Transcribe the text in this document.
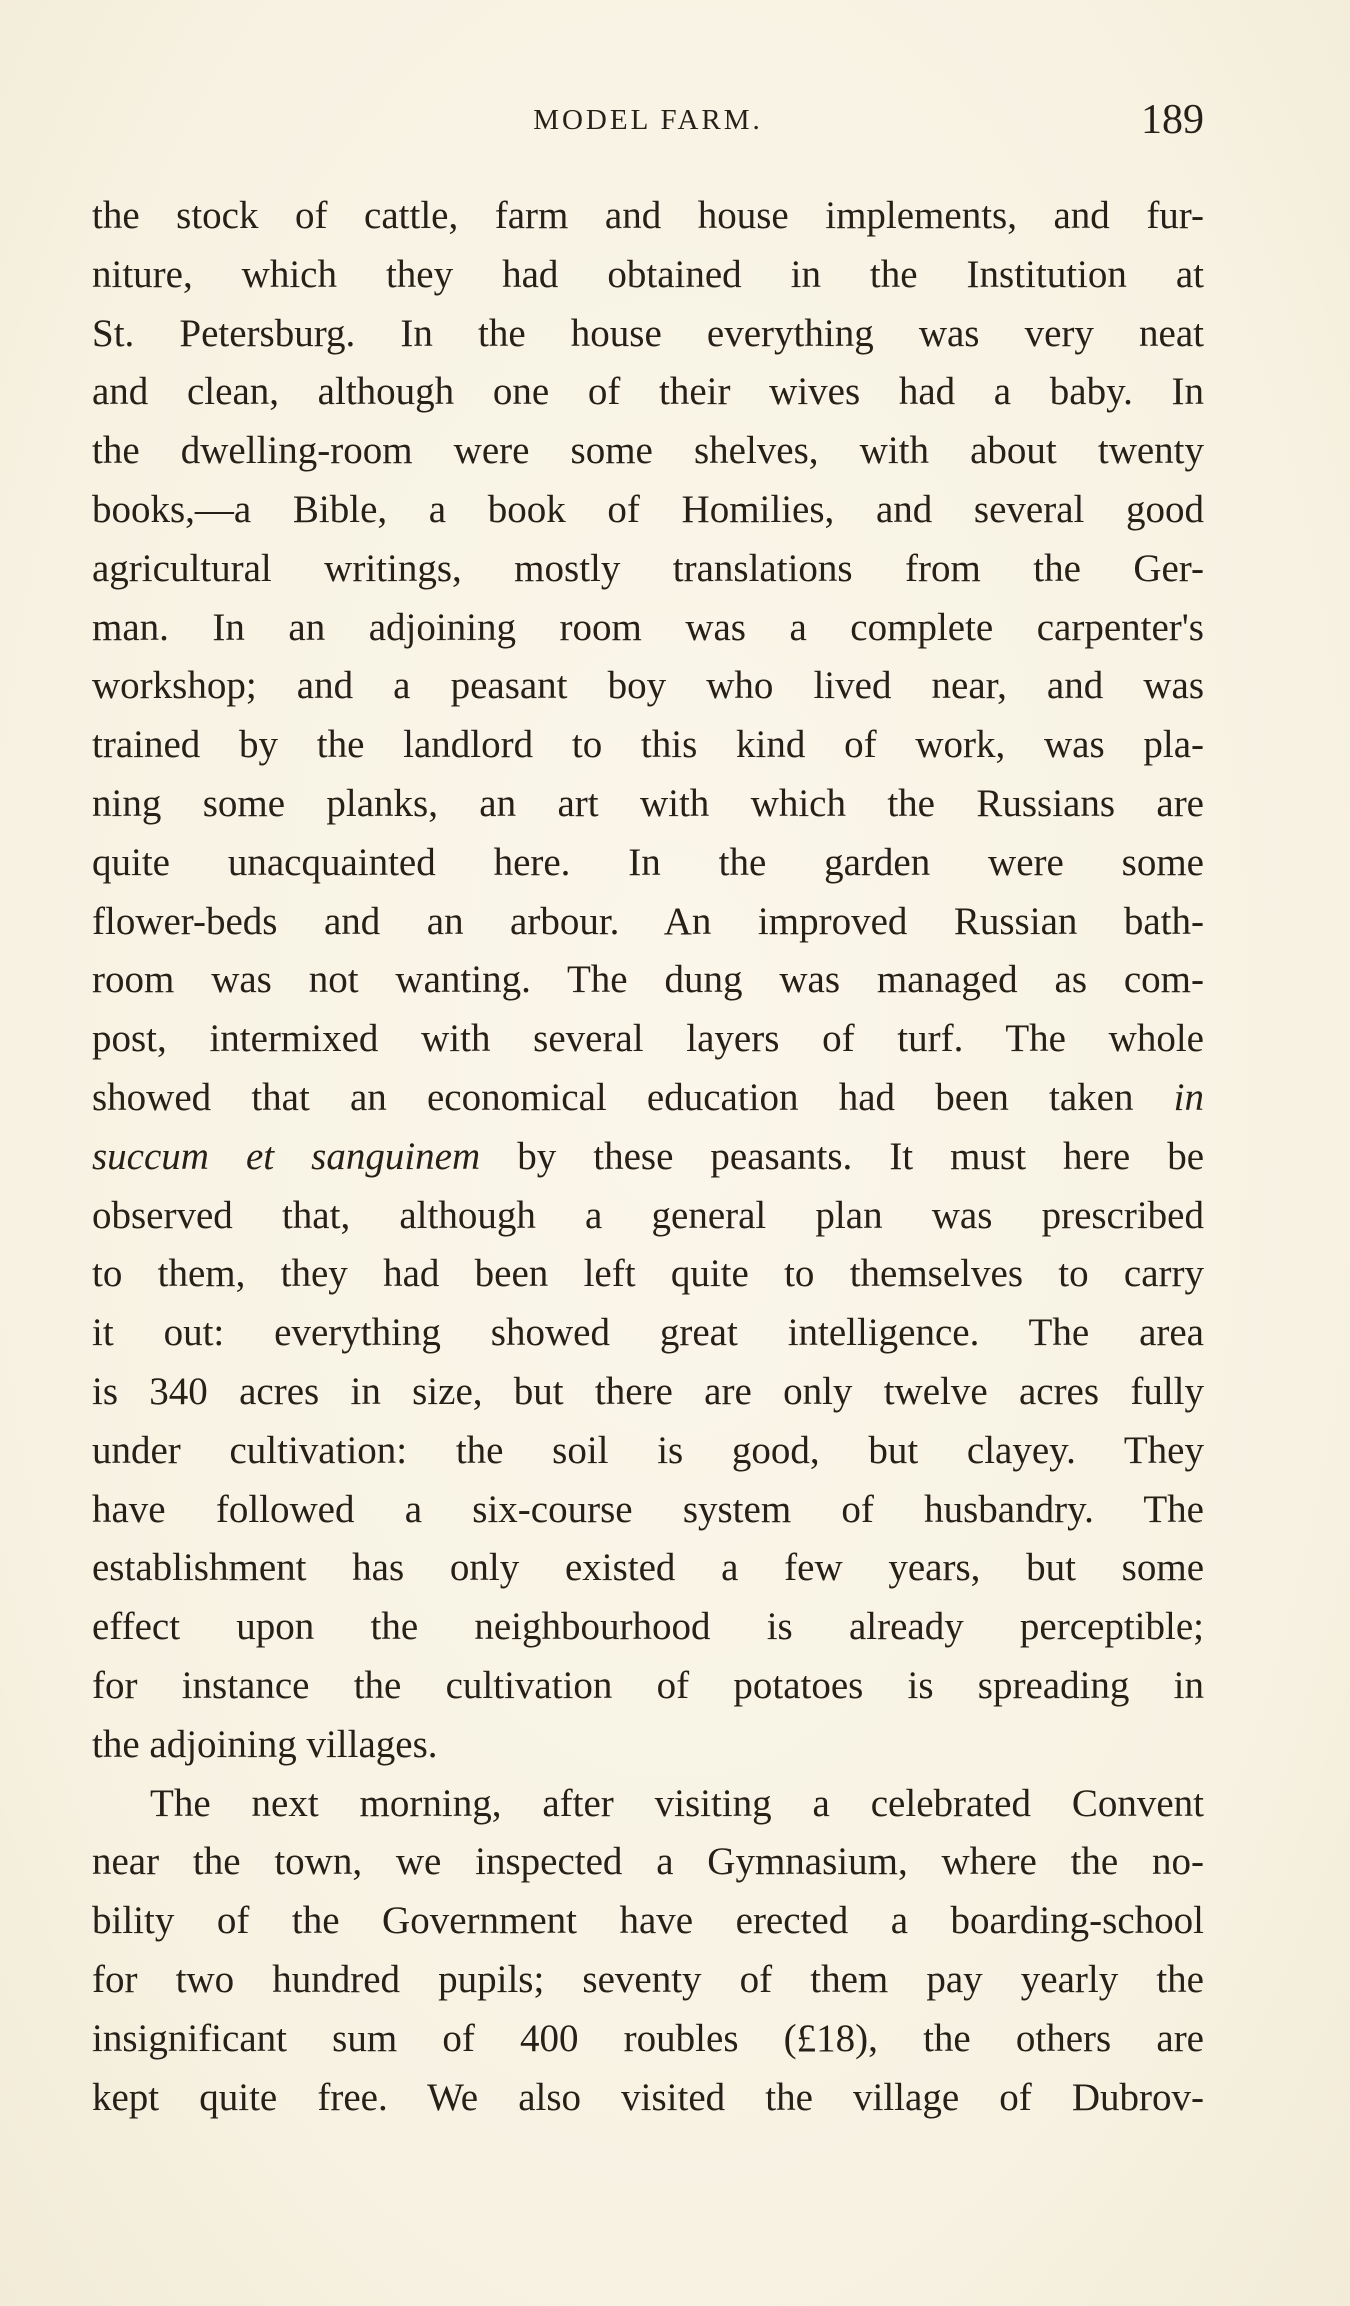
MODEL FARM.	189
the stock of cattle, farm and house implements, and fur-
niture, which they had obtained in the Institution at
St. Petersburg. In the house everything was very neat
and clean, although one of their wives had a baby. In
the dwelling-room were some shelves, with about twenty
books,—a Bible, a book of Homilies, and several good
agricultural writings, mostly translations from the Ger-
man. In an adjoining room was a complete carpenter's
workshop; and a peasant boy who lived near, and was
trained by the landlord to this kind of work, was pla-
ning some planks, an art with which the Russians are
quite unacquainted here. In the garden were some
flower-beds and an arbour. An improved Russian bath-
room was not wanting. The dung was managed as com-
post, intermixed with several layers of turf. The whole
showed that an economical education had been taken in
succum et sanguinem by these peasants. It must here be
observed that, although a general plan was prescribed
to them, they had been left quite to themselves to carry
it out: everything showed great intelligence. The area
is 340 acres in size, but there are only twelve acres fully
under cultivation: the soil is good, but clayey. They
have followed a six-course system of husbandry. The
establishment has only existed a few years, but some
effect upon the neighbourhood is already perceptible;
for instance the cultivation of potatoes is spreading in
the adjoining villages.
The next morning, after visiting a celebrated Convent
near the town, we inspected a Gymnasium, where the no-
bility of the Government have erected a boarding-school
for two hundred pupils; seventy of them pay yearly the
insignificant sum of 400 roubles (£18), the others are
kept quite free. We also visited the village of Dubrov-
